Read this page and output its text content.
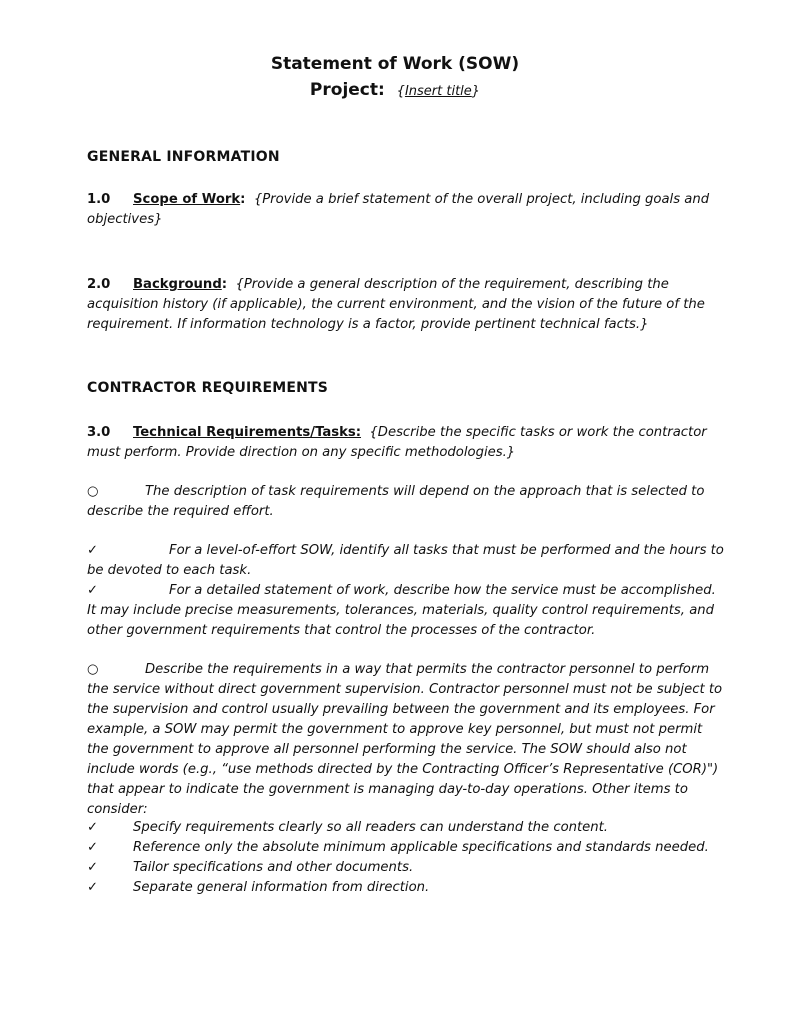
Statement of Work (SOW)
Project: {Insert title}
GENERAL INFORMATION
1.0 Scope of Work: {Provide a brief statement of the overall project, including goals and objectives}
2.0 Background: {Provide a general description of the requirement, describing the acquisition history (if applicable), the current environment, and the vision of the future of the requirement. If information technology is a factor, provide pertinent technical facts.}
CONTRACTOR REQUIREMENTS
3.0 Technical Requirements/Tasks: {Describe the specific tasks or work the contractor must perform. Provide direction on any specific methodologies.}
○	The description of task requirements will depend on the approach that is selected to describe the required effort.
✓	For a level-of-effort SOW, identify all tasks that must be performed and the hours to be devoted to each task.
✓	For a detailed statement of work, describe how the service must be accomplished. It may include precise measurements, tolerances, materials, quality control requirements, and other government requirements that control the processes of the contractor.
○	Describe the requirements in a way that permits the contractor personnel to perform the service without direct government supervision. Contractor personnel must not be subject to the supervision and control usually prevailing between the government and its employees. For example, a SOW may permit the government to approve key personnel, but must not permit the government to approve all personnel performing the service. The SOW should also not include words (e.g., “use methods directed by the Contracting Officer’s Representative (COR)") that appear to indicate the government is managing day-to-day operations. Other items to consider:
✓	Specify requirements clearly so all readers can understand the content.
✓	Reference only the absolute minimum applicable specifications and standards needed.
✓	Tailor specifications and other documents.
✓	Separate general information from direction.
